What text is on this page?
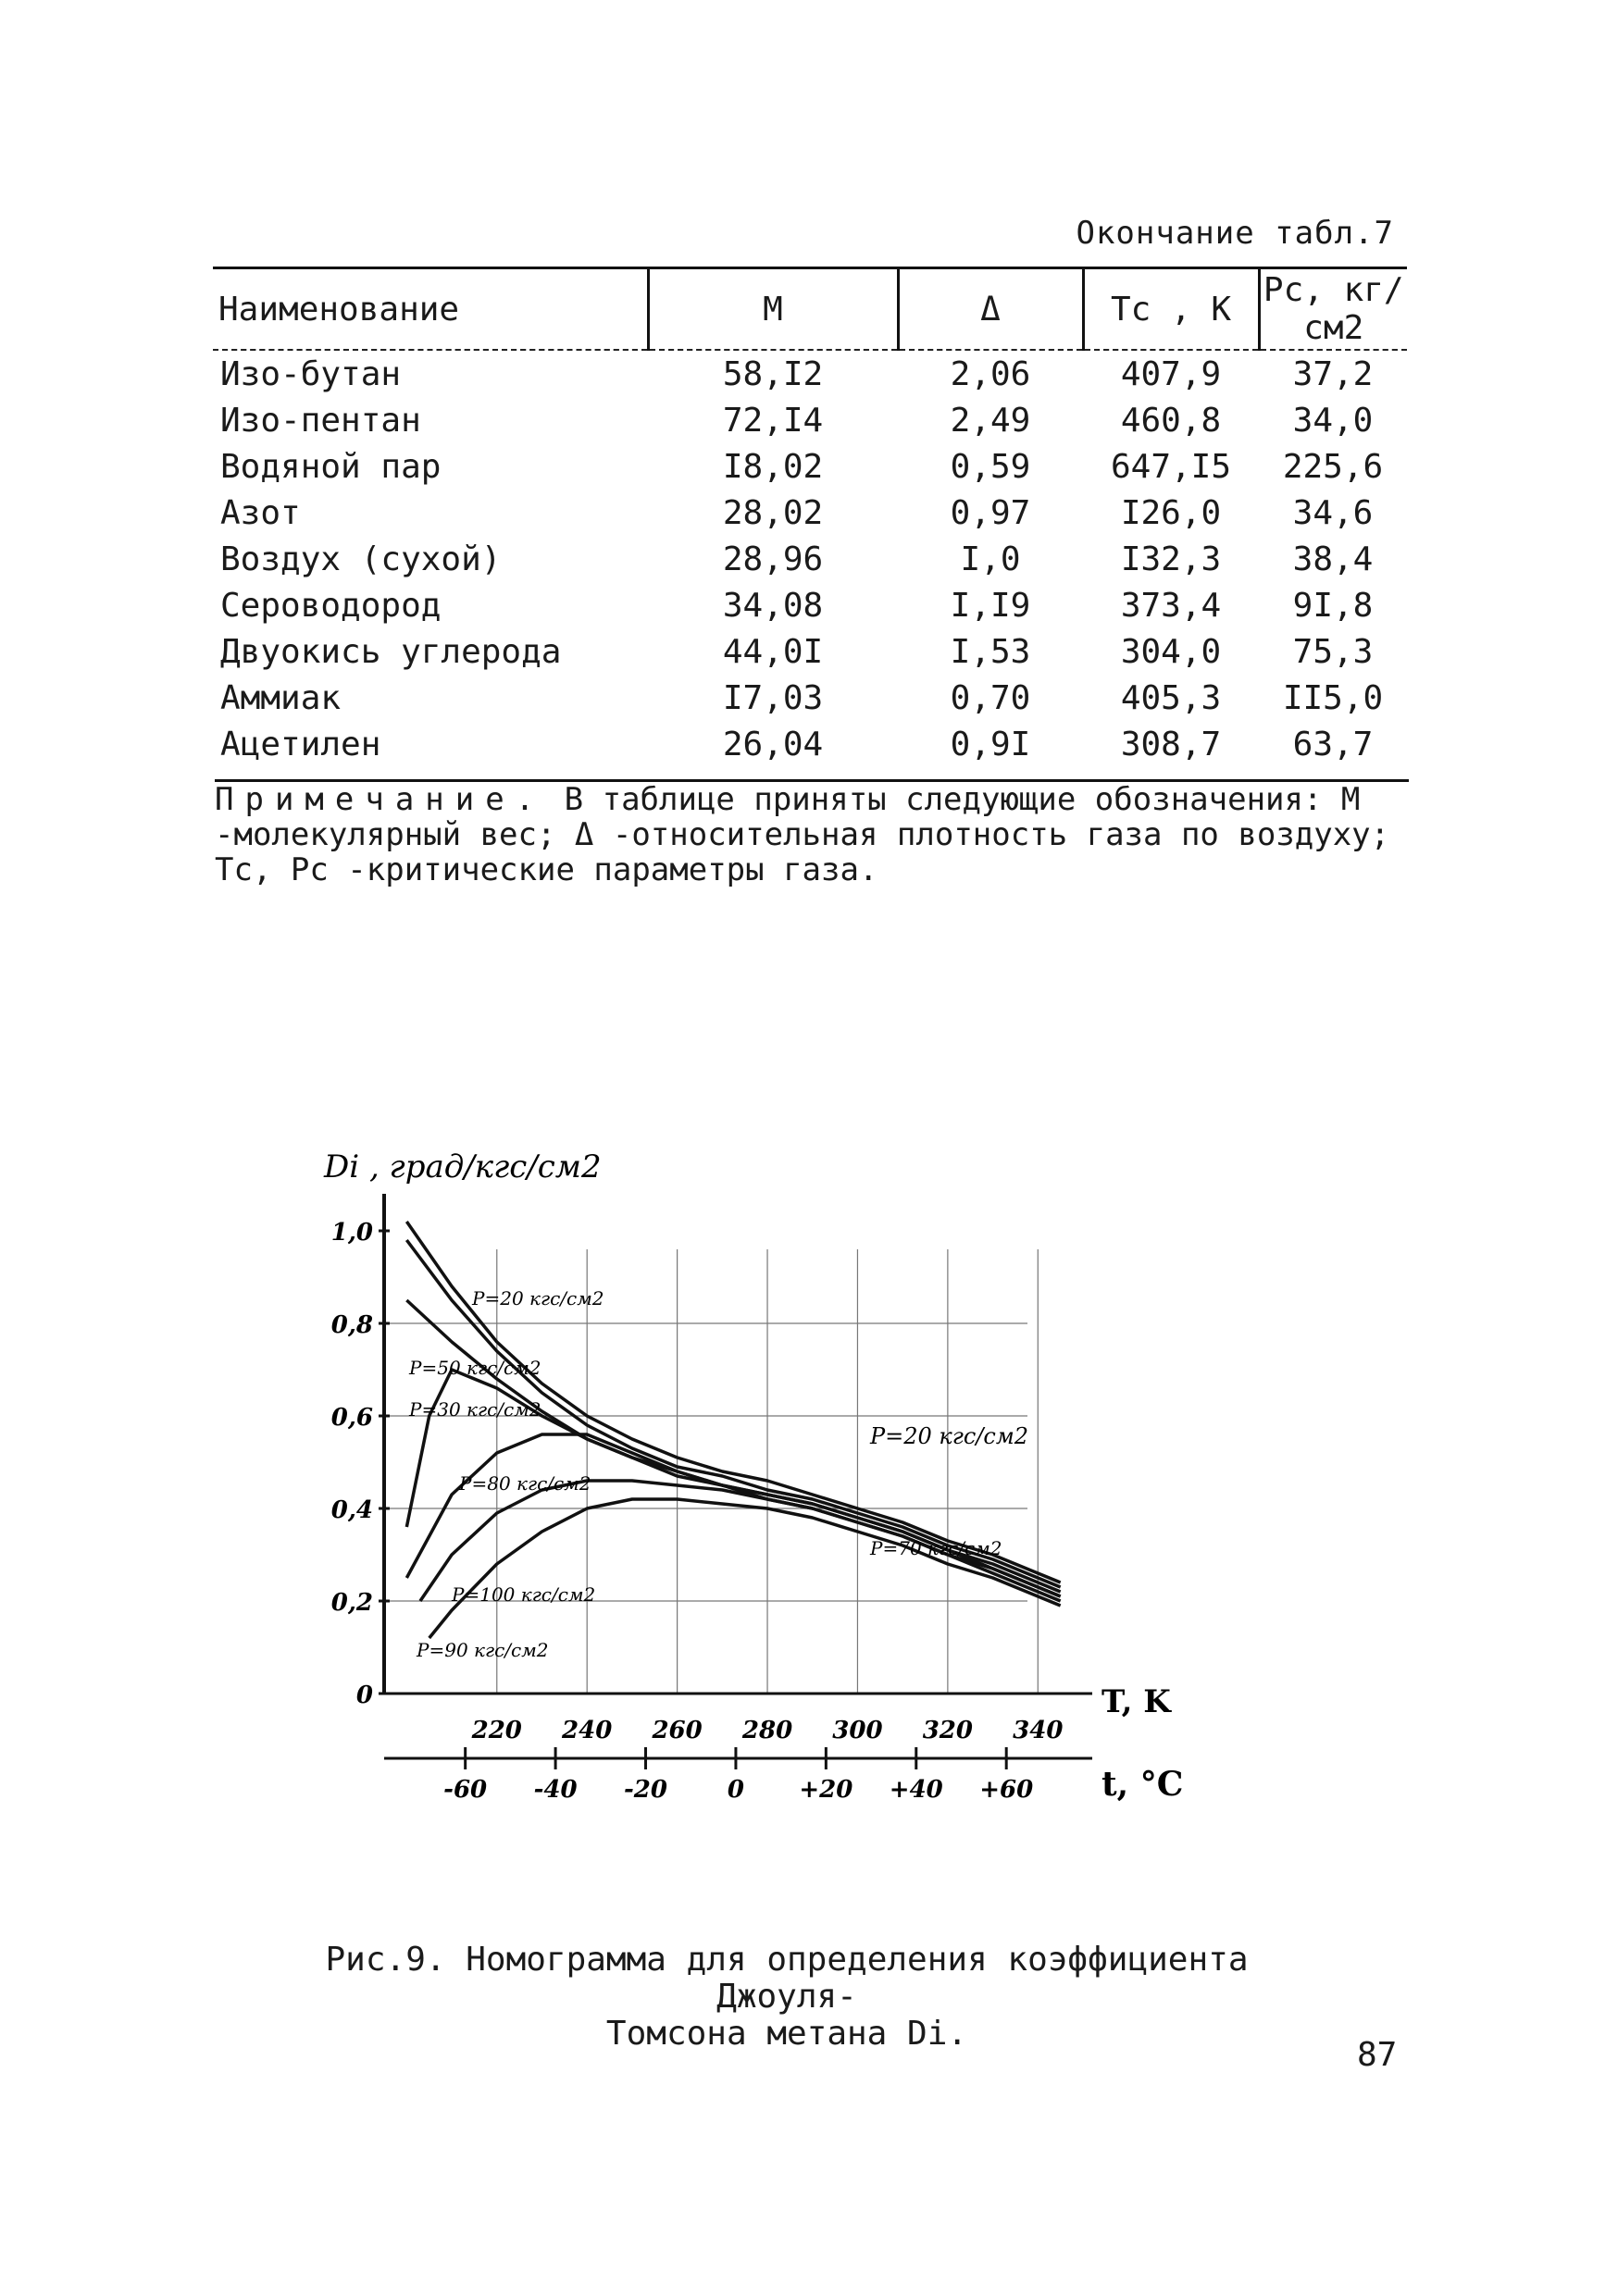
Окончание табл.7
Наименование	M	Δ	Tc , K	Pc, кг/см2
Изо-бутан	58,I2	2,06	407,9	37,2
Изо-пентан	72,I4	2,49	460,8	34,0
Водяной пар	I8,02	0,59	647,I5	225,6
Азот	28,02	0,97	I26,0	34,6
Воздух (сухой)	28,96	I,0	I32,3	38,4
Сероводород	34,08	I,I9	373,4	9I,8
Двуокись углерода	44,0I	I,53	304,0	75,3
Аммиак	I7,03	0,70	405,3	II5,0
Ацетилен	26,04	0,9I	308,7	63,7
Примечание. В таблице приняты следующие обозначения: M -молекулярный вес; Δ -относительная плотность газа по воздуху; Tc, Pc -критические параметры газа.
0
0,2
0,4
0,6
0,8
1,0
220 240 260 280 300 320 340
-60 -40 -20 0 +20 +40 +60
Di , град/кгс/см2
T, K
t, °C
P=20 кгс/см2
P=30 кгс/см2
P=50 кгс/см2
P=70 кгс/см2
P=80 кгс/см2
P=90 кгс/см2
P=100 кгс/см2
P=20 кгс/см2
Рис.9. Номограмма для определения коэффициента Джоуля-
Томсона метана Di.
87
